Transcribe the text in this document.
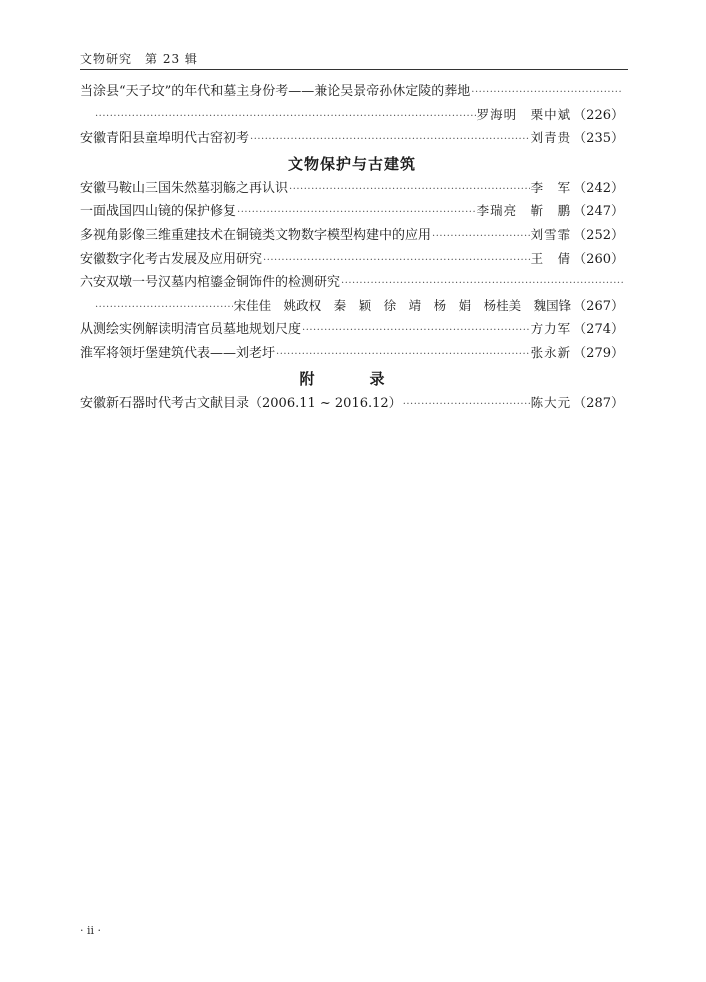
文物研究　第 23 辑
当涂县“天子坟”的年代和墓主身份考——兼论吴景帝孙休定陵的葬地
·····
·····
罗海明　栗中斌 （226）
安徽青阳县童埠明代古窑初考 ·····	刘青贵 （235）
文物保护与古建筑
安徽马鞍山三国朱然墓羽觞之再认识 ·····	李　军 （242）
一面战国四山镜的保护修复 ·····	李瑞亮　靳　鹏 （247）
多视角影像三维重建技术在铜镜类文物数字模型构建中的应用 ·····	刘雪霏 （252）
安徽数字化考古发展及应用研究 ·····	王　倩 （260）
六安双墩一号汉墓内棺鎏金铜饰件的检测研究
·····
·····
宋佳佳　姚政权　秦　颖　徐　靖　杨　娟　杨桂美　魏国锋 （267）
从测绘实例解读明清官员墓地规划尺度 ·····	方力军 （274）
淮军将领圩堡建筑代表——刘老圩 ·····	张永新 （279）
附　录
安徽新石器时代考古文献目录（2006.11 ~ 2016.12） ·····	陈大元 （287）
· ii ·
